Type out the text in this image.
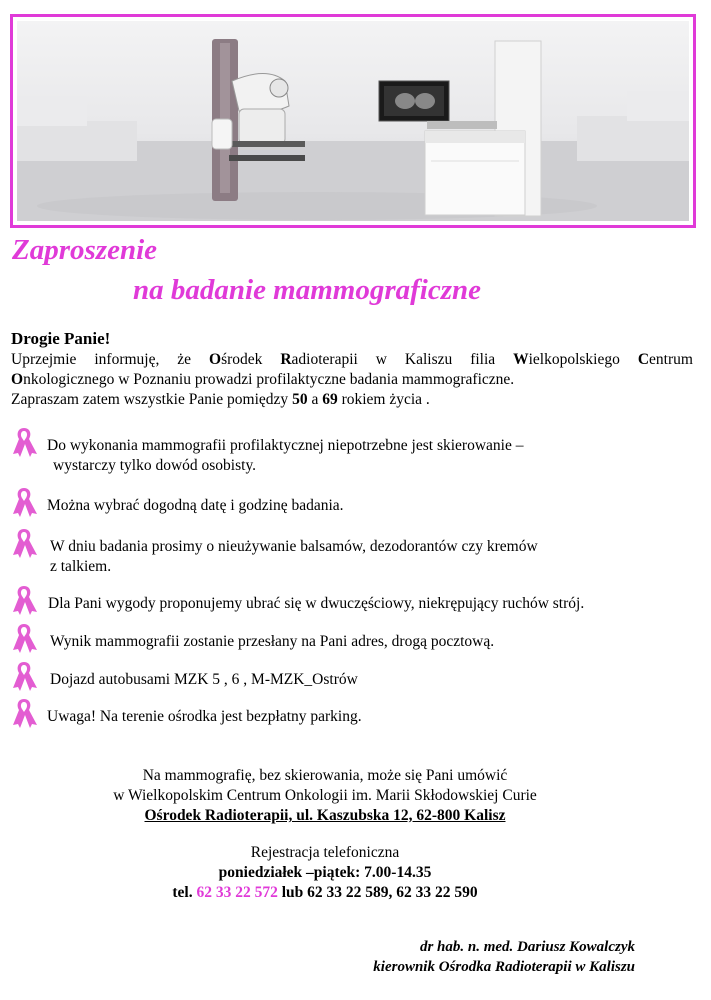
Zaproszenie
na badanie mammograficzne

Drogie Panie!

Uprzejmie informuję, że Ośrodek Radioterapii w Kaliszu filia Wielkopolskiego Centrum
Onkologicznego w Poznaniu prowadzi profilaktyczne badania mammograficzne.
Zapraszam zatem wszystkie Panie pomiędzy 50 a 69 rokiem życia .
Do wykonania mammografii profilaktycznej niepotrzebne jest skierowanie –
wystarczy tylko dowód osobisty.
Można wybrać dogodną datę i godzinę badania.
W dniu badania prosimy o nieużywanie balsamów, dezodorantów czy kremów
z talkiem.
Dla Pani wygody proponujemy ubrać się w dwuczęściowy, niekrępujący ruchów strój.
Wynik mammografii zostanie przesłany na Pani adres, drogą pocztową.
Dojazd autobusami MZK 5 , 6 , M-MZK_Ostrów
Uwaga! Na terenie ośrodka jest bezpłatny parking.
Na mammografię, bez skierowania, może się Pani umówić
w Wielkopolskim Centrum Onkologii im. Marii Skłodowskiej Curie
Ośrodek Radioterapii, ul. Kaszubska 12, 62-800 Kalisz
Rejestracja telefoniczna
poniedziałek –piątek: 7.00-14.35
tel. 62 33 22 572 lub 62 33 22 589, 62 33 22 590
dr hab. n. med. Dariusz Kowalczyk
kierownik Ośrodka Radioterapii w Kaliszu
